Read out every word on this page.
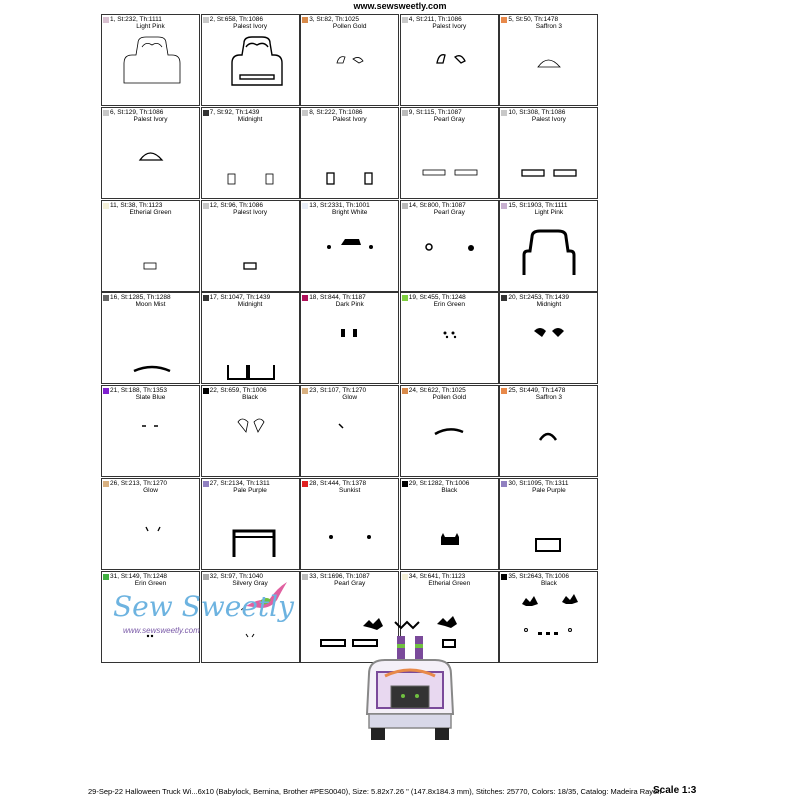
www.sewsweetly.com
1, St:232, Th:1111
Light Pink
2, St:658, Th:1086
Palest Ivory
3, St:82, Th:1025
Pollen Gold
4, St:211, Th:1086
Palest Ivory
5, St:50, Th:1478
Saffron 3
6, St:129, Th:1086
Palest Ivory
7, St:92, Th:1439
Midnight
8, St:222, Th:1086
Palest Ivory
9, St:115, Th:1087
Pearl Gray
10, St:308, Th:1086
Palest Ivory
11, St:38, Th:1123
Etherial Green
12, St:96, Th:1086
Palest Ivory
13, St:2331, Th:1001
Bright White
14, St:800, Th:1087
Pearl Gray
15, St:1903, Th:1111
Light Pink
16, St:1285, Th:1288
Moon Mist
17, St:1047, Th:1439
Midnight
18, St:844, Th:1187
Dark Pink
19, St:455, Th:1248
Erin Green
20, St:2453, Th:1439
Midnight
21, St:188, Th:1353
Slate Blue
22, St:659, Th:1006
Black
23, St:107, Th:1270
Glow
24, St:622, Th:1025
Pollen Gold
25, St:449, Th:1478
Saffron 3
26, St:213, Th:1270
Glow
27, St:2134, Th:1311
Pale Purple
28, St:444, Th:1378
Sunkist
29, St:1282, Th:1006
Black
30, St:1095, Th:1311
Pale Purple
31, St:149, Th:1248
Erin Green
32, St:97, Th:1040
Silvery Gray
33, St:1696, Th:1087
Pearl Gray
34, St:641, Th:1123
Etherial Green
35, St:2643, Th:1006
Black
Sew Sweetly
www.sewsweetly.com
29-Sep-22 Halloween Truck Wi...6x10 (Babylock, Bernina, Brother #PES0040), Size: 5.82x7.26 " (147.8x184.3 mm), Stitches: 25770, Colors: 18/35, Catalog: Madeira Rayon
Scale 1:3
